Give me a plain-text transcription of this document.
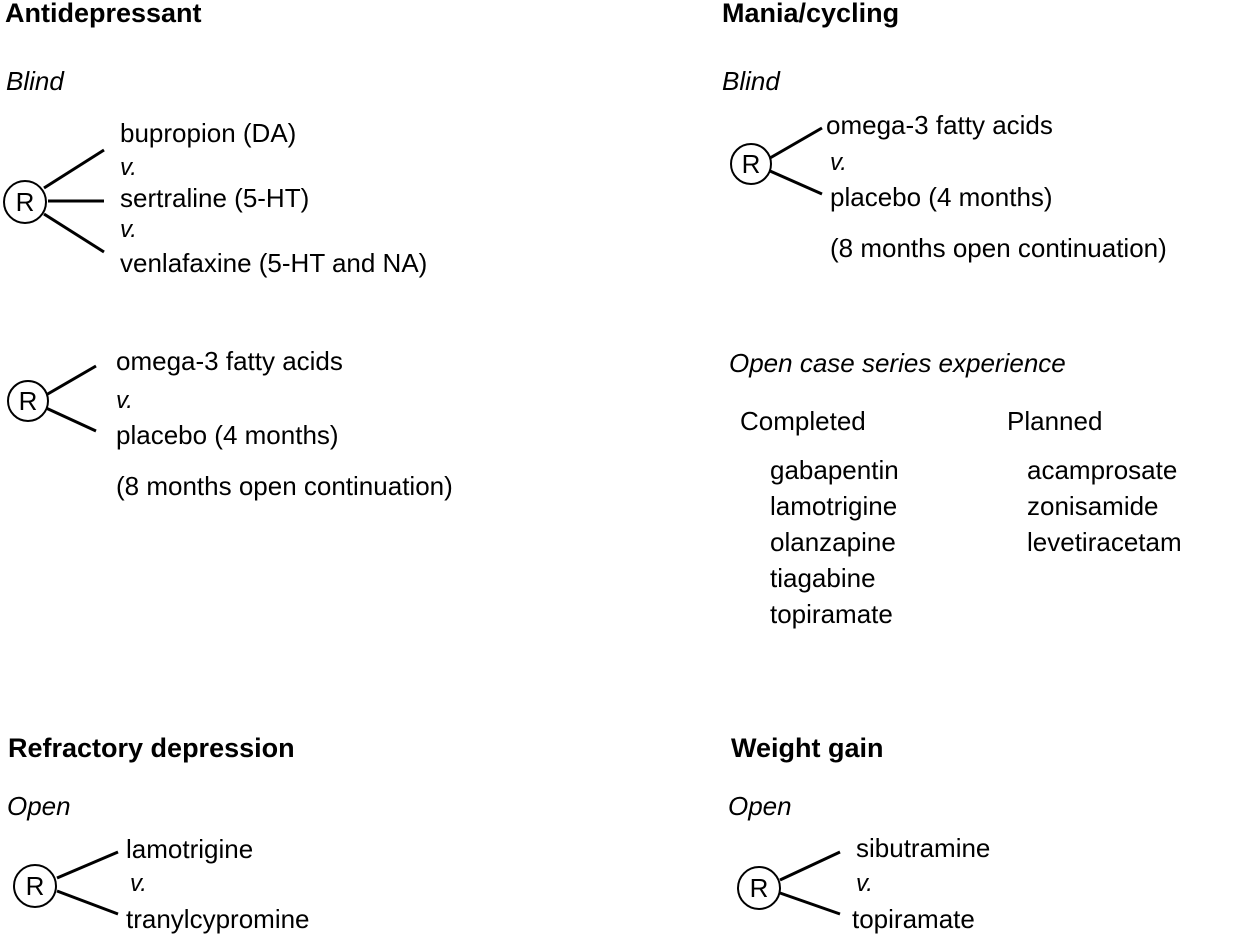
Antidepressant
Blind
R
bupropion (DA)
v.
sertraline (5-HT)
v.
venlafaxine (5-HT and NA)
R
omega-3 fatty acids
v.
placebo (4 months)
(8 months open continuation)
Mania/cycling
Blind
R
omega-3 fatty acids
v.
placebo (4 months)
(8 months open continuation)
Open case series experience
Completed	Planned
gabapentin
lamotrigine
olanzapine
tiagabine
topiramate
acamprosate
zonisamide
levetiracetam
Refractory depression
Open
R
lamotrigine
v.
tranylcypromine
Weight gain
Open
R
sibutramine
v.
topiramate
